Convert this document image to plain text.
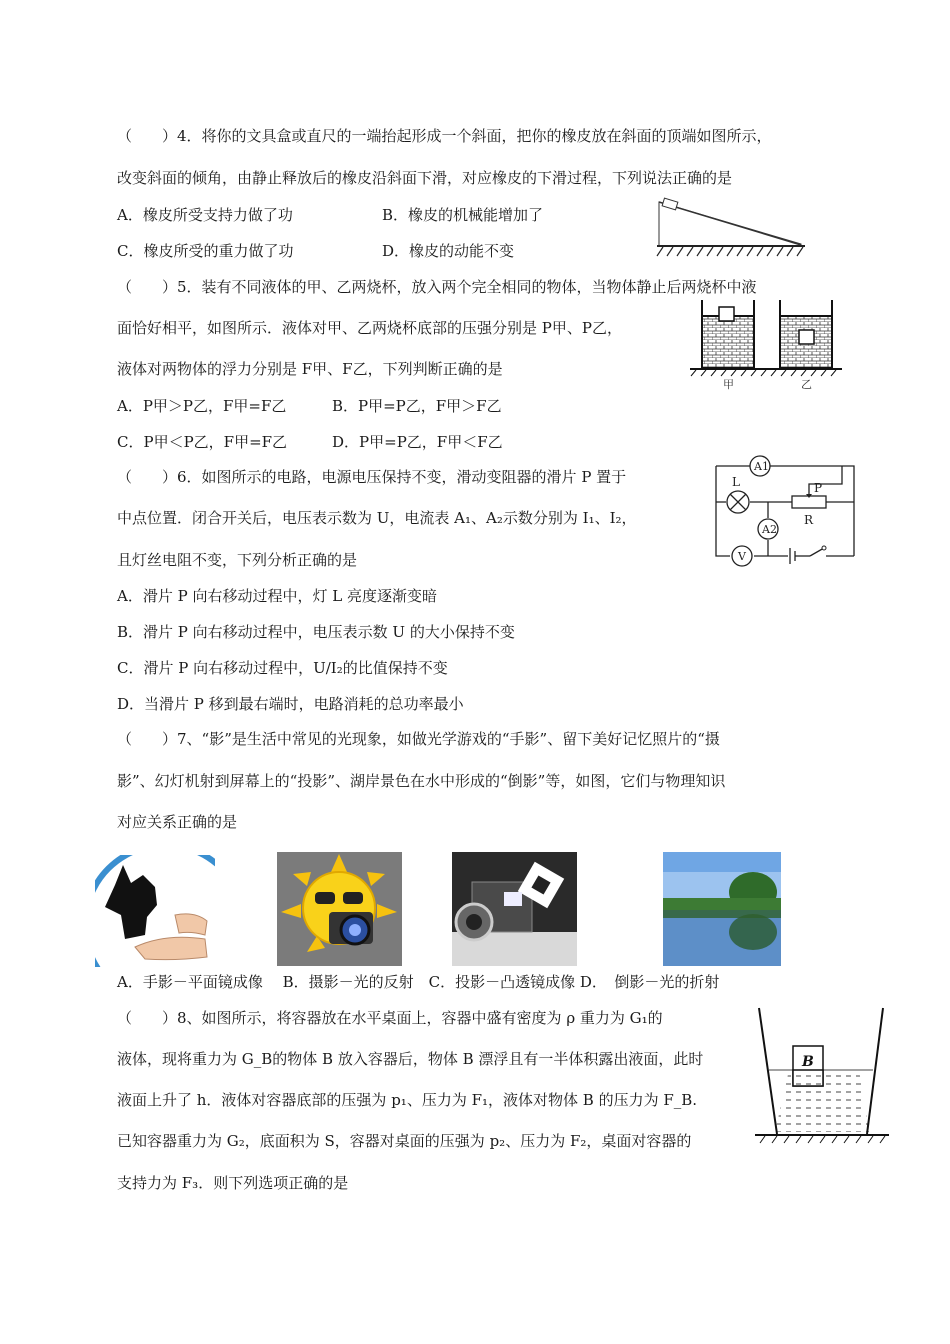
（　　）4．将你的文具盒或直尺的一端抬起形成一个斜面，把你的橡皮放在斜面的顶端如图所示，
改变斜面的倾角，由静止释放后的橡皮沿斜面下滑，对应橡皮的下滑过程，下列说法正确的是
A．橡皮所受支持力做了功	B．橡皮的机械能增加了
C．橡皮所受的重力做了功	D．橡皮的动能不变
（　　）5．装有不同液体的甲、乙两烧杯，放入两个完全相同的物体，当物体静止后两烧杯中液
面恰好相平，如图所示．液体对甲、乙两烧杯底部的压强分别是 P甲、P乙，
液体对两物体的浮力分别是 F甲、F乙，下列判断正确的是
A．P甲＞P乙，F甲=F乙	B．P甲=P乙，F甲＞F乙
C．P甲＜P乙，F甲=F乙	D．P甲=P乙，F甲＜F乙
甲	乙
（　　）6．如图所示的电路，电源电压保持不变，滑动变阻器的滑片 P 置于
中点位置．闭合开关后，电压表示数为 U，电流表 A₁、A₂示数分别为 I₁、I₂，
且灯丝电阻不变，下列分析正确的是
A．滑片 P 向右移动过程中，灯 L 亮度逐渐变暗
B．滑片 P 向右移动过程中，电压表示数 U 的大小保持不变
C．滑片 P 向右移动过程中，U/I₂的比值保持不变
D．当滑片 P 移到最右端时，电路消耗的总功率最小
A1
A2
V
L	P
R
（　　）7、“影”是生活中常见的光现象，如做光学游戏的“手影”、留下美好记忆照片的“摄
影”、幻灯机射到屏幕上的“投影”、湖岸景色在水中形成的“倒影”等，如图，它们与物理知识
对应关系正确的是
A．手影－平面镜成像　 B．摄影－光的反射　C．投影－凸透镜成像 D．　倒影－光的折射
（　　）8、如图所示，将容器放在水平桌面上，容器中盛有密度为 ρ 重力为 G₁的
液体，现将重力为 G_B的物体 B 放入容器后，物体 B 漂浮且有一半体积露出液面，此时
液面上升了 h．液体对容器底部的压强为 p₁、压力为 F₁，液体对物体 B 的压力为 F_B.
已知容器重力为 G₂，底面积为 S，容器对桌面的压强为 p₂、压力为 F₂，桌面对容器的
支持力为 F₃．则下列选项正确的是
B
